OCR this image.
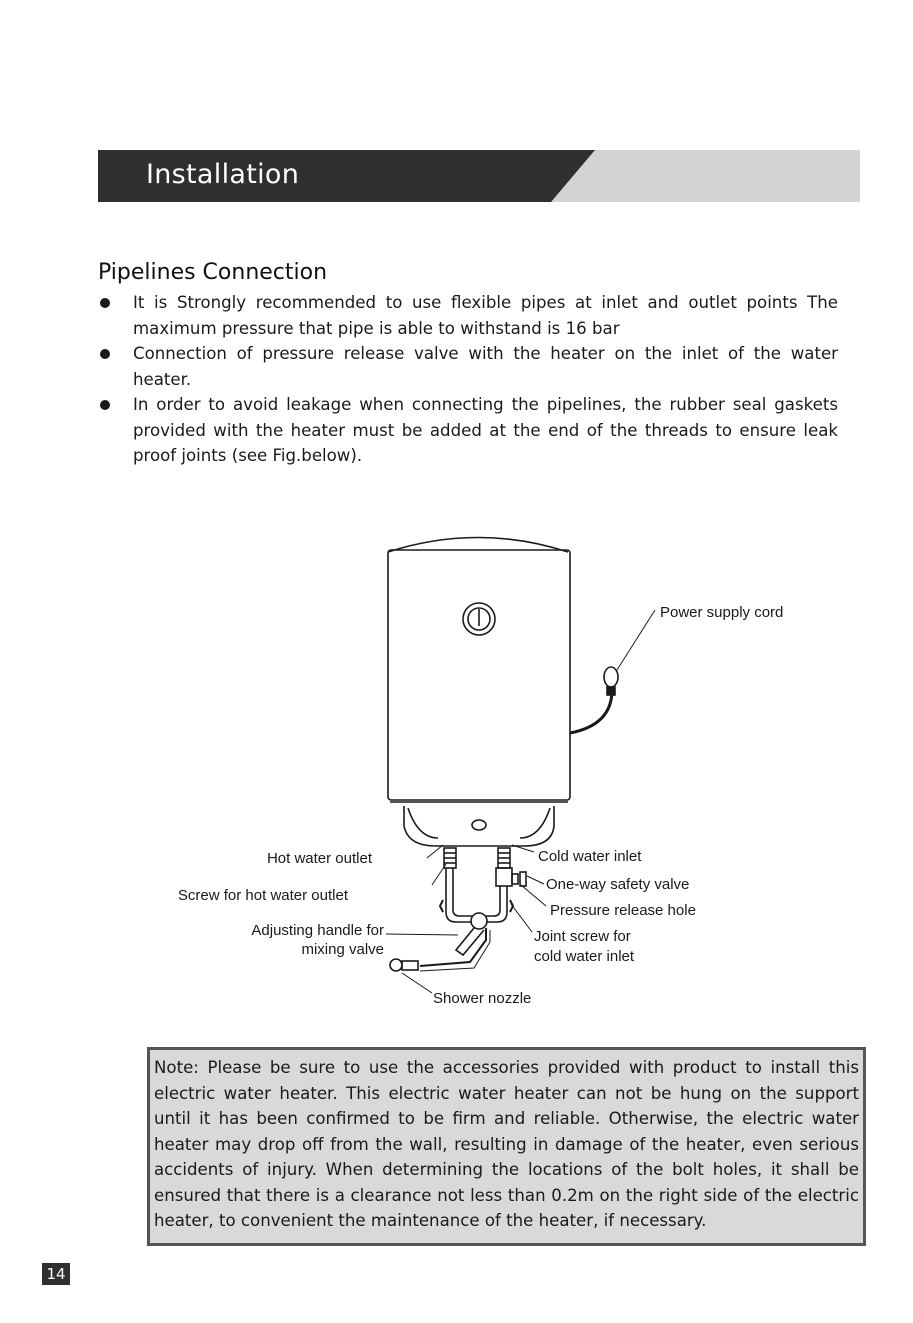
Installation
Pipelines Connection
It is Strongly recommended to use flexible pipes at inlet and outlet points The maximum pressure that pipe is able to withstand is 16 bar
Connection of pressure release valve with the heater on the inlet of the water heater.
In order to avoid leakage when connecting the pipelines, the rubber seal gaskets provided with the heater must be added at the end of the threads to ensure leak proof joints (see Fig.below).
Power supply cord
Hot water outlet
Screw for hot water outlet
Adjusting handle for
mixing valve
Cold water inlet
One-way safety valve
Pressure release hole
Joint screw for
cold water inlet
Shower nozzle
Note: Please be sure to use the accessories provided with product to install this electric water heater. This electric water heater can not be hung on the support until it has been confirmed to be firm and reliable. Otherwise, the electric water heater may drop off from the wall, resulting in damage of the heater, even serious accidents of injury. When determining the locations of the bolt holes, it shall be ensured that there is a clearance not less than 0.2m on the right side of the electric heater, to convenient the maintenance of the heater, if necessary.
14
